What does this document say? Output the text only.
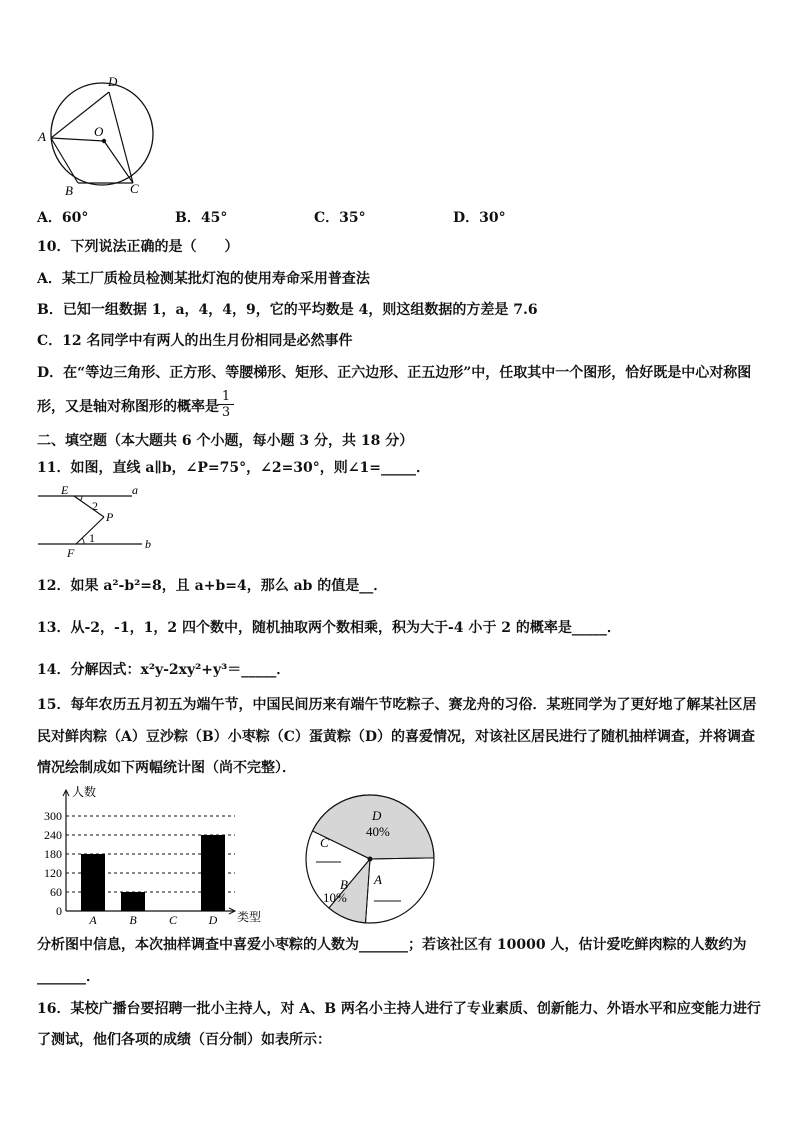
D
O
A
B	C
A．60°	B．45°	C．35°	D．30°
10．下列说法正确的是（　　）
A．某工厂质检员检测某批灯泡的使用寿命采用普查法
B．已知一组数据 1，a，4，4，9，它的平均数是 4，则这组数据的方差是 7.6
C．12 名同学中有两人的出生月份相同是必然事件
D．在“等边三角形、正方形、等腰梯形、矩形、正六边形、正五边形”中，任取其中一个图形，恰好既是中心对称图
形，又是轴对称图形的概率是 $\frac{1}{3}$
二、填空题（本大题共 6 个小题，每小题 3 分，共 18 分）
11．如图，直线 a∥b，∠P=75°，∠2=30°，则∠1=_____．
E	a
2
P
1
F
b
12．如果 a²-b²=8，且 a+b=4，那么 ab 的值是__．
13．从-2，-1，1，2 四个数中，随机抽取两个数相乘，积为大于-4 小于 2 的概率是_____．
14．分解因式：x²y-2xy²+y³＝_____．
15．每年农历五月初五为端午节，中国民间历来有端午节吃粽子、赛龙舟的习俗．某班同学为了更好地了解某社区居
民对鲜肉粽（A）豆沙粽（B）小枣粽（C）蛋黄粽（D）的喜爱情况，对该社区居民进行了随机抽样调查，并将调查
情况绘制成如下两幅统计图（尚不完整）．
0
60
120
180
240
300
人数
类型
A	B	C	D
D
40%
C
B
10%
A
分析图中信息，本次抽样调查中喜爱小枣粽的人数为_______；若该社区有 10000 人，估计爱吃鲜肉粽的人数约为
_______．
16．某校广播台要招聘一批小主持人，对 A、B 两名小主持人进行了专业素质、创新能力、外语水平和应变能力进行
了测试，他们各项的成绩（百分制）如表所示：
